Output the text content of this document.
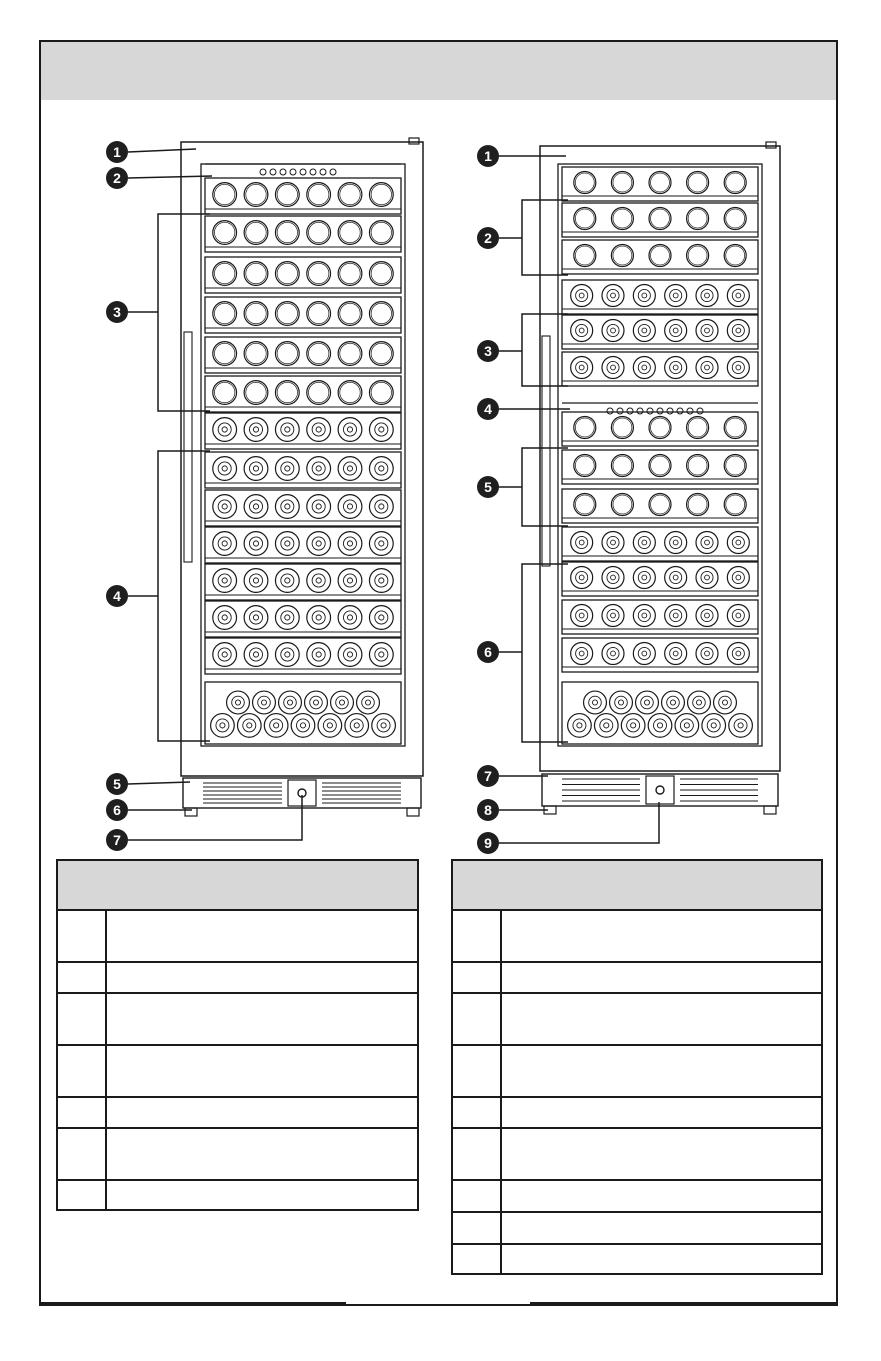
1
2
3
4
5
6
7
1
2
3
4
5
6
7
8
9
